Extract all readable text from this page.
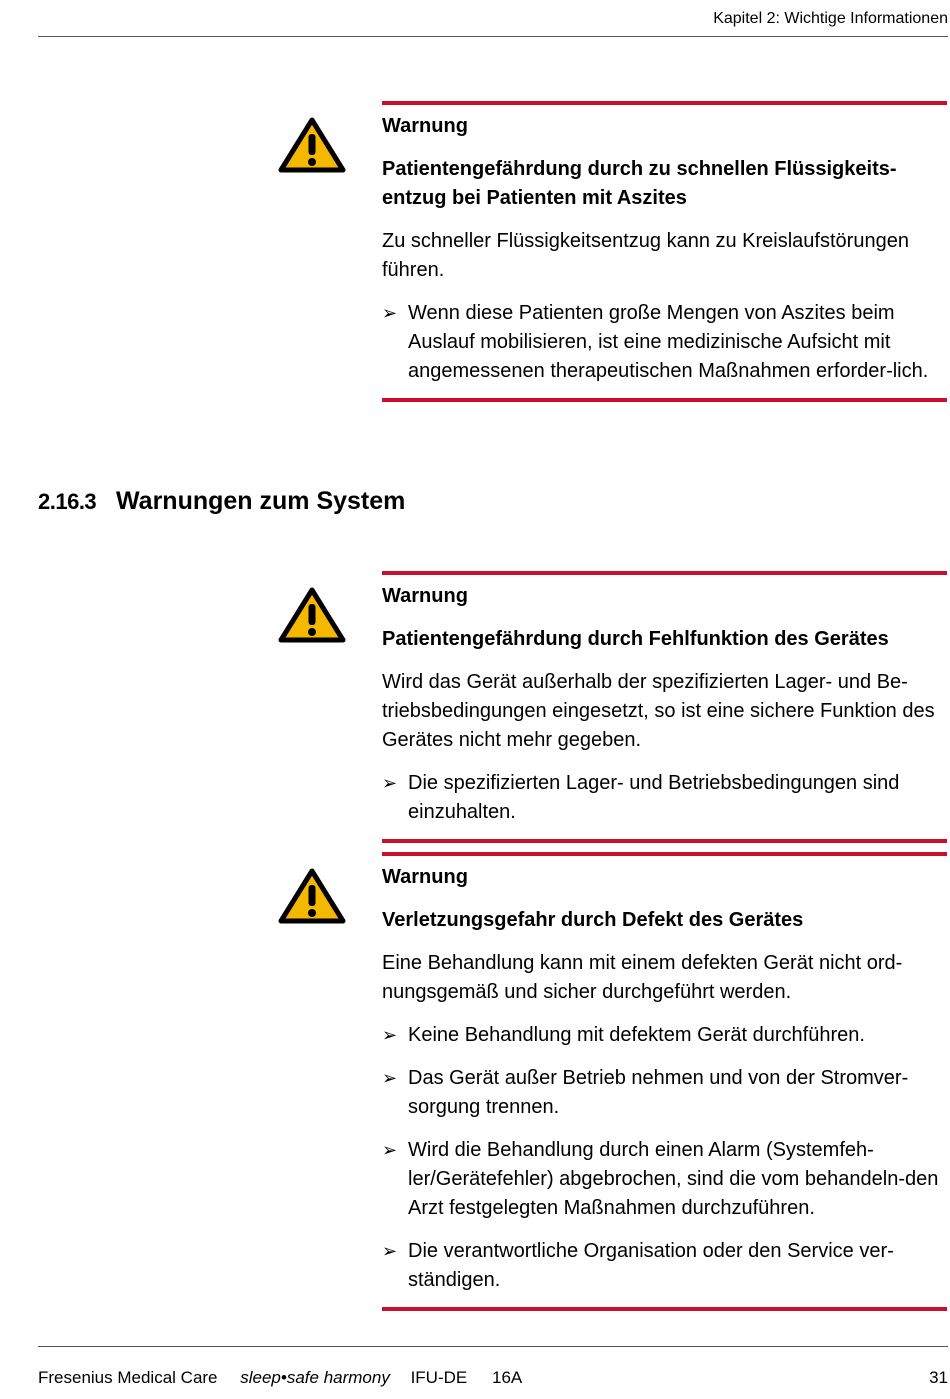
Kapitel 2: Wichtige Informationen
Warnung
Patientengefährdung durch zu schnellen Flüssigkeits-
entzug bei Patienten mit Aszites
Zu schneller Flüssigkeitsentzug kann zu Kreislaufstörungen führen.
➢ Wenn diese Patienten große Mengen von Aszites beim Auslauf mobilisieren, ist eine medizinische Aufsicht mit angemessenen therapeutischen Maßnahmen erforder-lich.
2.16.3 Warnungen zum System
Warnung
Patientengefährdung durch Fehlfunktion des Gerätes
Wird das Gerät außerhalb der spezifizierten Lager- und Be-triebsbedingungen eingesetzt, so ist eine sichere Funktion des Gerätes nicht mehr gegeben.
➢ Die spezifizierten Lager- und Betriebsbedingungen sind einzuhalten.
Warnung
Verletzungsgefahr durch Defekt des Gerätes
Eine Behandlung kann mit einem defekten Gerät nicht ord-nungsgemäß und sicher durchgeführt werden.
➢ Keine Behandlung mit defektem Gerät durchführen.
➢ Das Gerät außer Betrieb nehmen und von der Stromver-sorgung trennen.
➢ Wird die Behandlung durch einen Alarm (Systemfeh-ler/Gerätefehler) abgebrochen, sind die vom behandeln-den Arzt festgelegten Maßnahmen durchzuführen.
➢ Die verantwortliche Organisation oder den Service ver-ständigen.
Fresenius Medical Care sleep•safe harmony IFU-DE 16A	31
